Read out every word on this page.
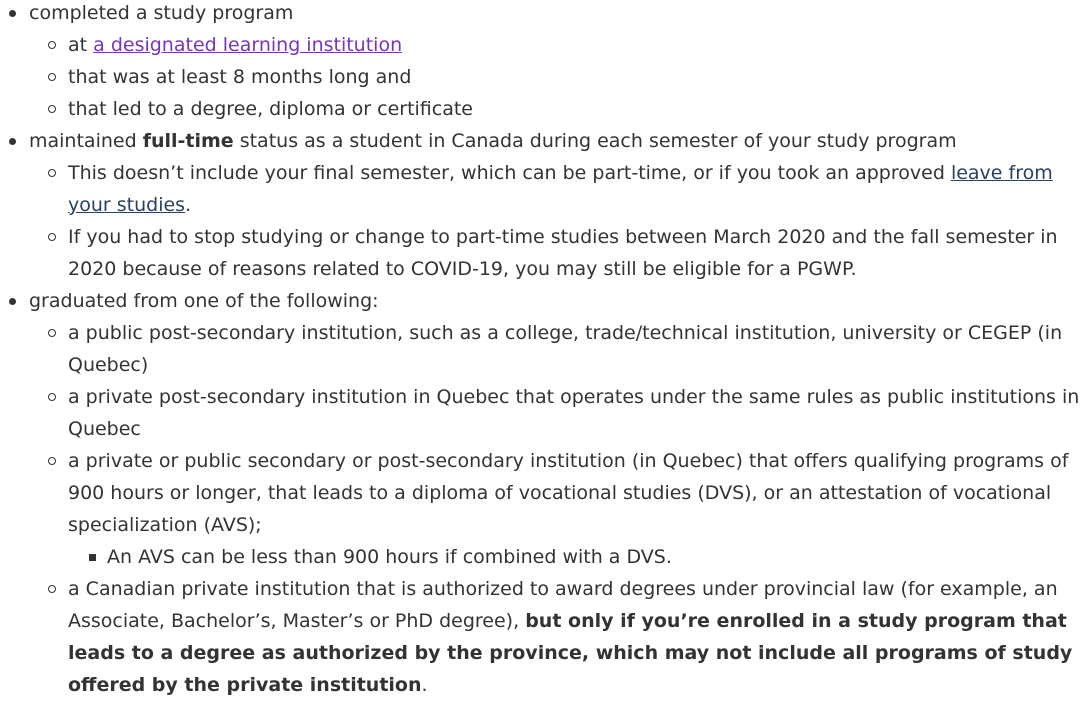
completed a study program
at a designated learning institution
that was at least 8 months long and
that led to a degree, diploma or certificate
maintained full-time status as a student in Canada during each semester of your study program
This doesn’t include your final semester, which can be part-time, or if you took an approved leave from your studies.
If you had to stop studying or change to part-time studies between March 2020 and the fall semester in 2020 because of reasons related to COVID-19, you may still be eligible for a PGWP.
graduated from one of the following:
a public post-secondary institution, such as a college, trade/technical institution, university or CEGEP (in Quebec)
a private post-secondary institution in Quebec that operates under the same rules as public institutions in Quebec
a private or public secondary or post-secondary institution (in Quebec) that offers qualifying programs of 900 hours or longer, that leads to a diploma of vocational studies (DVS), or an attestation of vocational specialization (AVS);
An AVS can be less than 900 hours if combined with a DVS.
a Canadian private institution that is authorized to award degrees under provincial law (for example, an Associate, Bachelor’s, Master’s or PhD degree), but only if you’re enrolled in a study program that leads to a degree as authorized by the province, which may not include all programs of study offered by the private institution.
